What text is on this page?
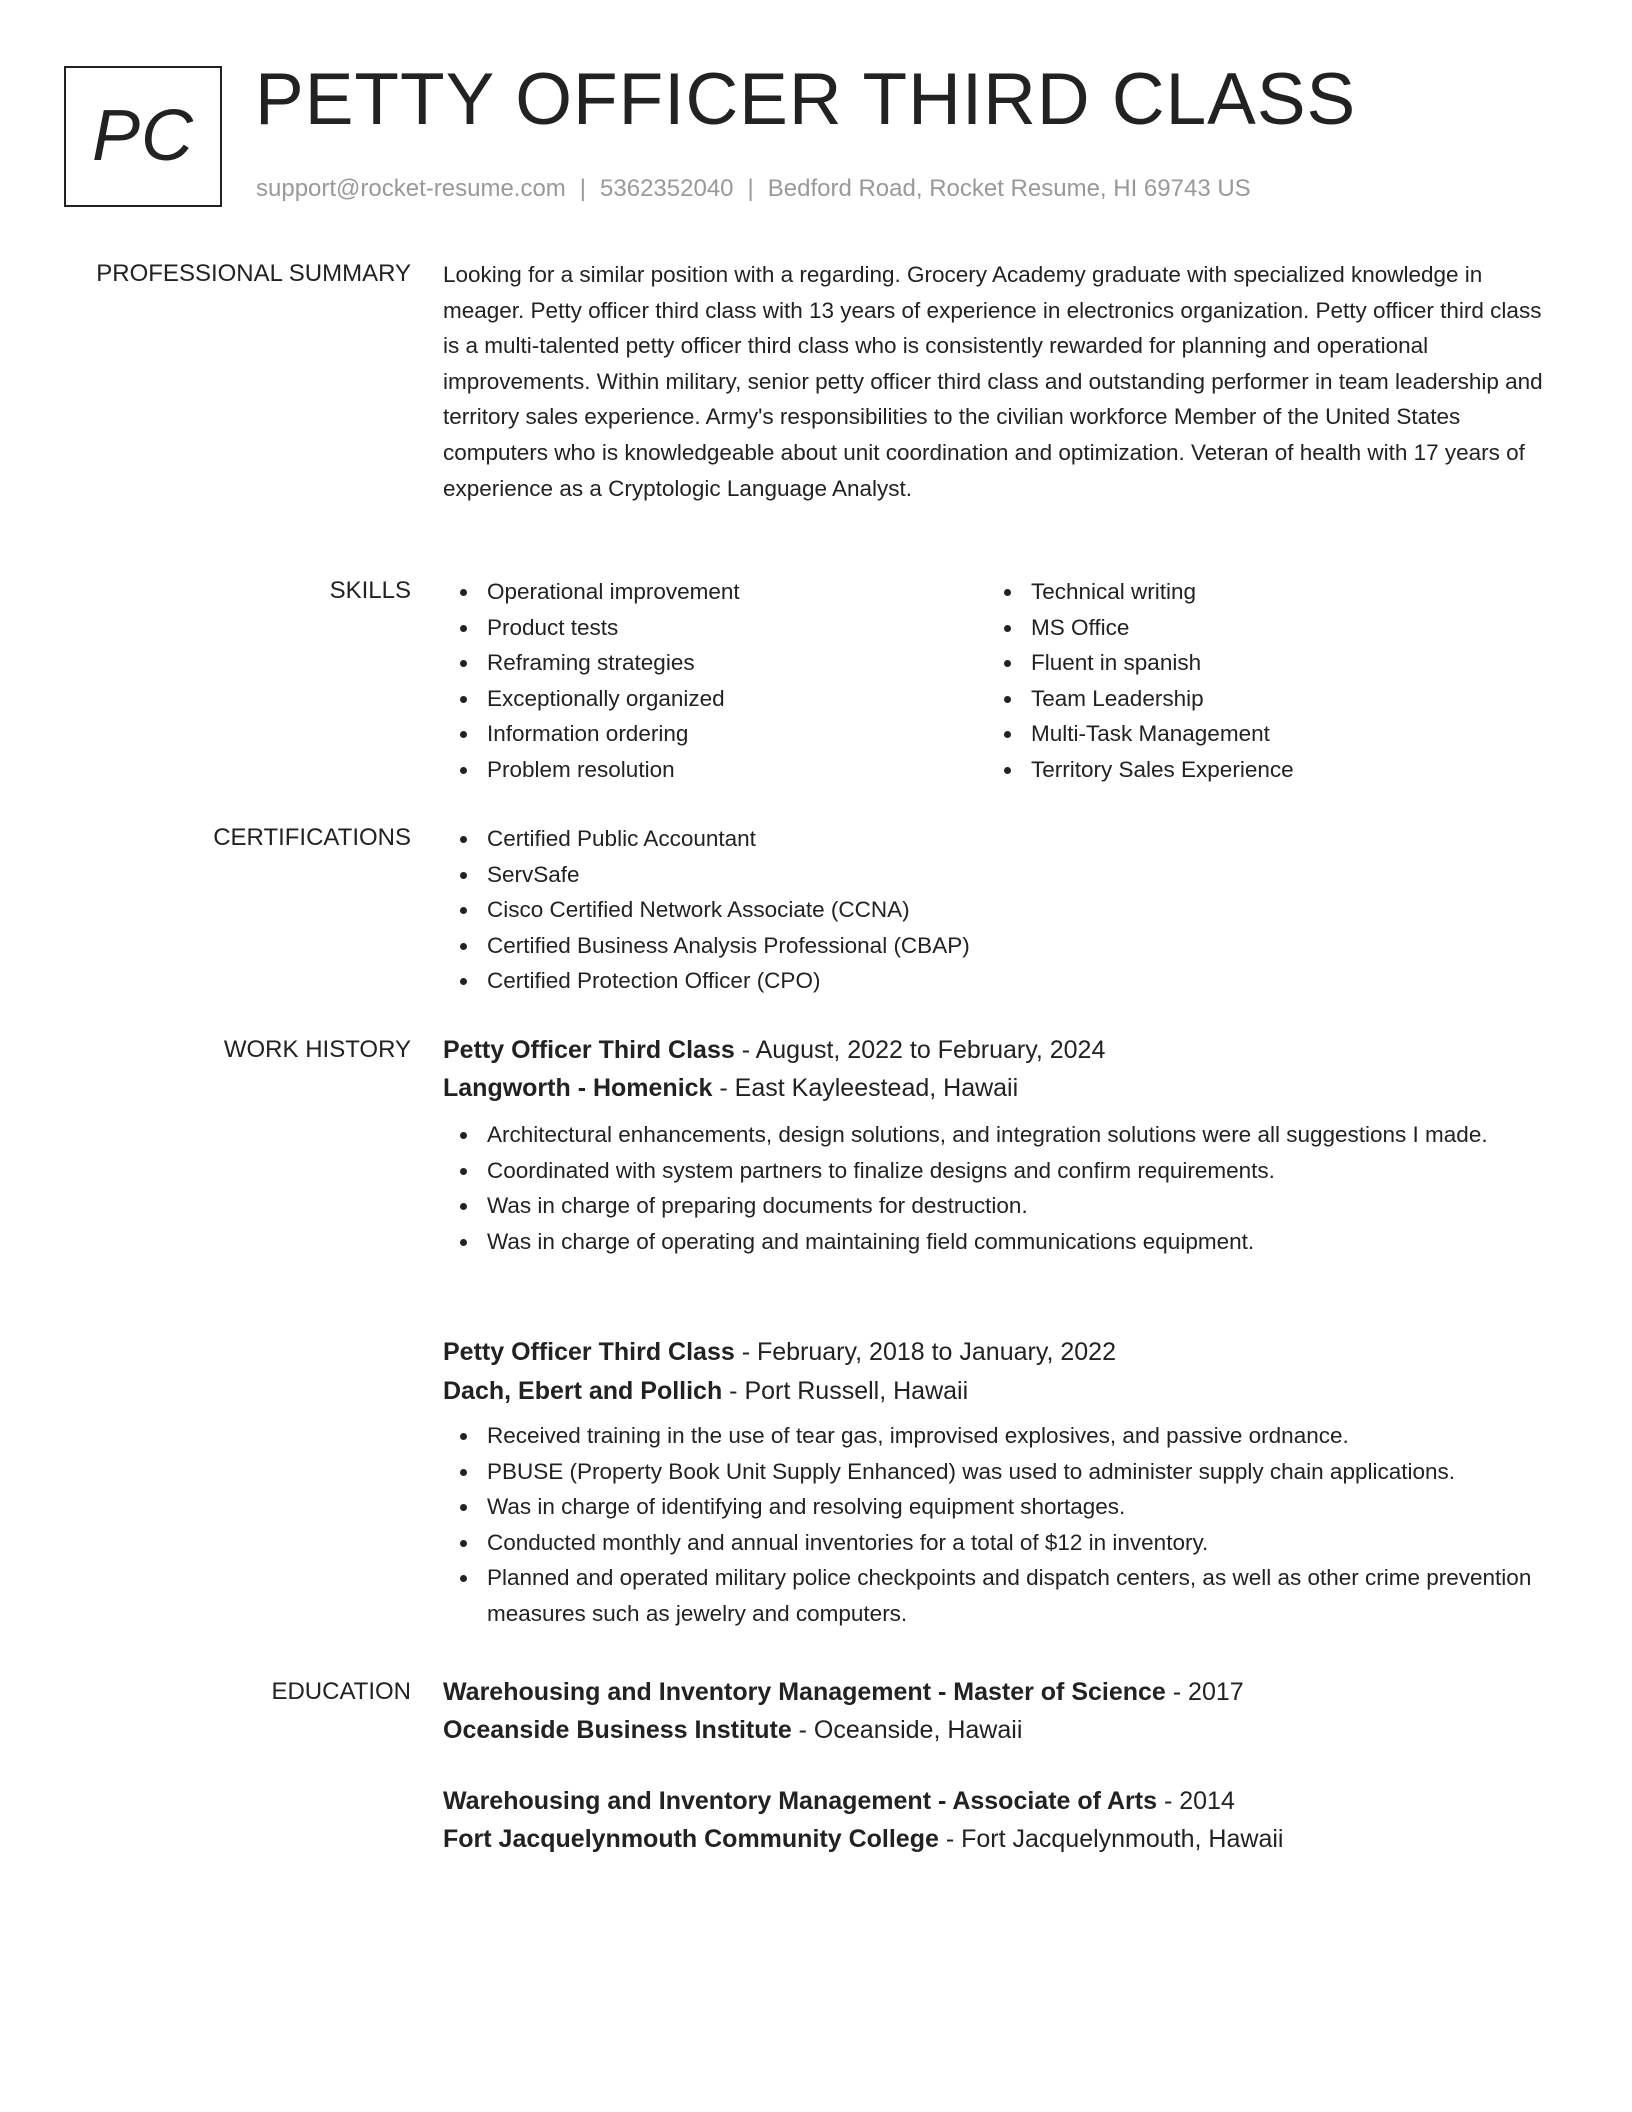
PC PETTY OFFICER THIRD CLASS
support@rocket-resume.com | 5362352040 | Bedford Road, Rocket Resume, HI 69743 US
PROFESSIONAL SUMMARY Looking for a similar position with a regarding. Grocery Academy graduate with specialized knowledge in meager. Petty officer third class with 13 years of experience in electronics organization. Petty officer third class is a multi-talented petty officer third class who is consistently rewarded for planning and operational improvements. Within military, senior petty officer third class and outstanding performer in team leadership and territory sales experience. Army's responsibilities to the civilian workforce Member of the United States computers who is knowledgeable about unit coordination and optimization. Veteran of health with 17 years of experience as a Cryptologic Language Analyst.

SKILLS	Operational improvement
Product tests
Reframing strategies
Exceptionally organized
Information ordering
Problem resolution
Technical writing
MS Office
Fluent in spanish
Team Leadership
Multi-Task Management
Territory Sales Experience
CERTIFICATIONS	Certified Public Accountant
ServSafe
Cisco Certified Network Associate (CCNA)
Certified Business Analysis Professional (CBAP)
Certified Protection Officer (CPO)
WORK HISTORY Petty Officer Third Class - August, 2022 to February, 2024
Langworth - Homenick - East Kayleestead, Hawaii
Architectural enhancements, design solutions, and integration solutions were all suggestions I made.
Coordinated with system partners to finalize designs and confirm requirements.
Was in charge of preparing documents for destruction.
Was in charge of operating and maintaining field communications equipment.
Petty Officer Third Class - February, 2018 to January, 2022
Dach, Ebert and Pollich - Port Russell, Hawaii
Received training in the use of tear gas, improvised explosives, and passive ordnance.
PBUSE (Property Book Unit Supply Enhanced) was used to administer supply chain applications.
Was in charge of identifying and resolving equipment shortages.
Conducted monthly and annual inventories for a total of $12 in inventory.
Planned and operated military police checkpoints and dispatch centers, as well as other crime prevention measures such as jewelry and computers.
EDUCATION Warehousing and Inventory Management - Master of Science - 2017
Oceanside Business Institute - Oceanside, Hawaii
Warehousing and Inventory Management - Associate of Arts - 2014
Fort Jacquelynmouth Community College - Fort Jacquelynmouth, Hawaii
